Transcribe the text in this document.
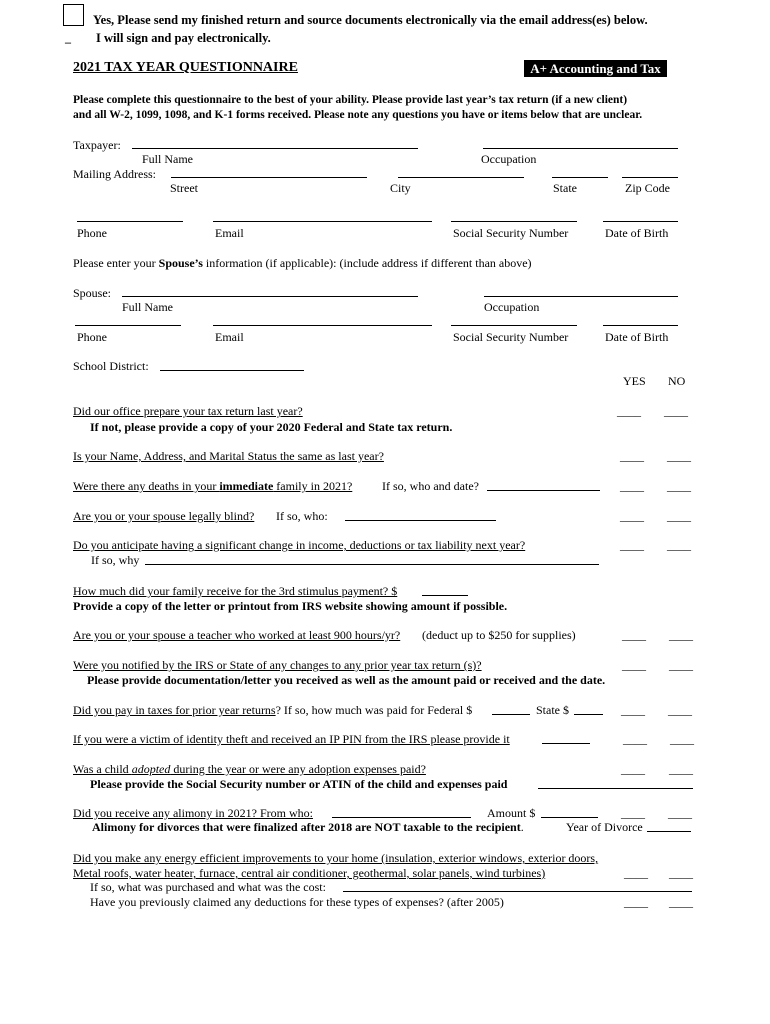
Yes, Please send my finished return and source documents electronically via the email address(es) below.
_ I will sign and pay electronically.
2021 TAX YEAR QUESTIONNAIRE	A+ Accounting and Tax
Please complete this questionnaire to the best of your ability. Please provide last year’s tax return (if a new client)
and all W-2, 1099, 1098, and K-1 forms received. Please note any questions you have or items below that are unclear.
Taxpayer:
Full Name	Occupation
Mailing Address:
Street	City	State	Zip Code
Phone	Email	Social Security Number	Date of Birth
Please enter your Spouse’s information (if applicable): (include address if different than above)
Spouse:
Full Name	Occupation
Phone	Email	Social Security Number	Date of Birth
School District:
YES NO
Did our office prepare your tax return last year?	____ ____
If not, please provide a copy of your 2020 Federal and State tax return.
Is your Name, Address, and Marital Status the same as last year?	____ ____
Were there any deaths in your immediate family in 2021? If so, who and date?	____ ____
Are you or your spouse legally blind? If so, who:	____ ____
Do you anticipate having a significant change in income, deductions or tax liability next year?	____ ____
If so, why
How much did your family receive for the 3rd stimulus payment? $
Provide a copy of the letter or printout from IRS website showing amount if possible.
Are you or your spouse a teacher who worked at least 900 hours/yr? (deduct up to $250 for supplies)	____ ____
Were you notified by the IRS or State of any changes to any prior year tax return (s)?	____ ____
Please provide documentation/letter you received as well as the amount paid or received and the date.
Did you pay in taxes for prior year returns? If so, how much was paid for Federal $	State $	____ ____
If you were a victim of identity theft and received an IP PIN from the IRS please provide it	____ ____
Was a child adopted during the year or were any adoption expenses paid?	____ ____
Please provide the Social Security number or ATIN of the child and expenses paid
Did you receive any alimony in 2021? From who:	Amount $	____ ____
Alimony for divorces that were finalized after 2018 are NOT taxable to the recipient.	Year of Divorce
Did you make any energy efficient improvements to your home (insulation, exterior windows, exterior doors,
Metal roofs, water heater, furnace, central air conditioner, geothermal, solar panels, wind turbines)	____ ____
If so, what was purchased and what was the cost:
Have you previously claimed any deductions for these types of expenses? (after 2005)	____ ____
